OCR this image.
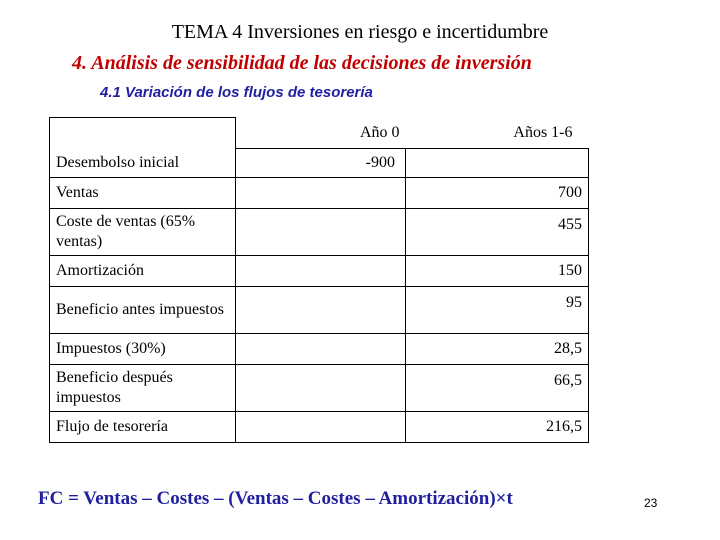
TEMA 4 Inversiones en riesgo e incertidumbre
4. Análisis de sensibilidad de las decisiones de inversión
4.1 Variación de los flujos de tesorería
	Año 0	Años 1-6
Desembolso inicial	-900	
Ventas		700
Coste de ventas (65% ventas)		455
Amortización		150
Beneficio antes impuestos		95
Impuestos (30%)		28,5
Beneficio después impuestos		66,5
Flujo de tesorería		216,5
FC = Ventas – Costes – (Ventas – Costes – Amortización)×t	23
